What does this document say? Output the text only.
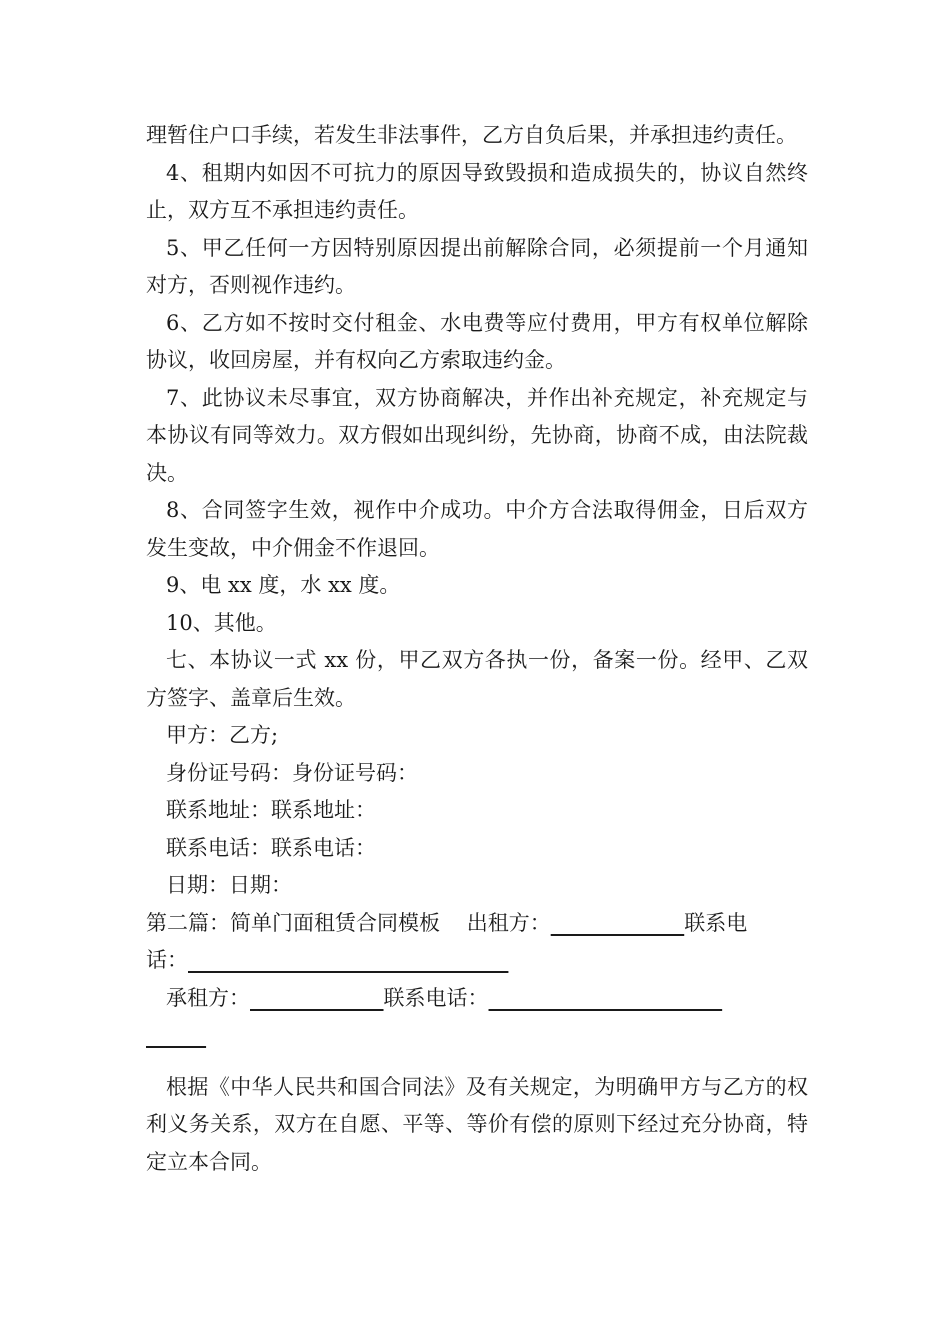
理暂住户口手续，若发生非法事件，乙方自负后果，并承担违约责任。

4、租期内如因不可抗力的原因导致毁损和造成损失的，协议自然终止，双方互不承担违约责任。

5、甲乙任何一方因特别原因提出前解除合同，必须提前一个月通知对方，否则视作违约。

6、乙方如不按时交付租金、水电费等应付费用，甲方有权单位解除协议，收回房屋，并有权向乙方索取违约金。

7、此协议未尽事宜，双方协商解决，并作出补充规定，补充规定与本协议有同等效力。双方假如出现纠纷，先协商，协商不成，由法院裁决。

8、合同签字生效，视作中介成功。中介方合法取得佣金，日后双方发生变故，中介佣金不作退回。

9、电 xx 度，水 xx 度。

10、其他。

七、本协议一式 xx 份，甲乙双方各执一份，备案一份。经甲、乙双方签字、盖章后生效。

甲方：乙方;

身份证号码：身份证号码：

联系地址：联系地址：

联系电话：联系电话：

日期：日期：

第二篇：简单门面租赁合同模板 出租方：	联系电
话：

承租方：	联系电话：

根据《中华人民共和国合同法》及有关规定，为明确甲方与乙方的权利义务关系，双方在自愿、平等、等价有偿的原则下经过充分协商，特定立本合同。
